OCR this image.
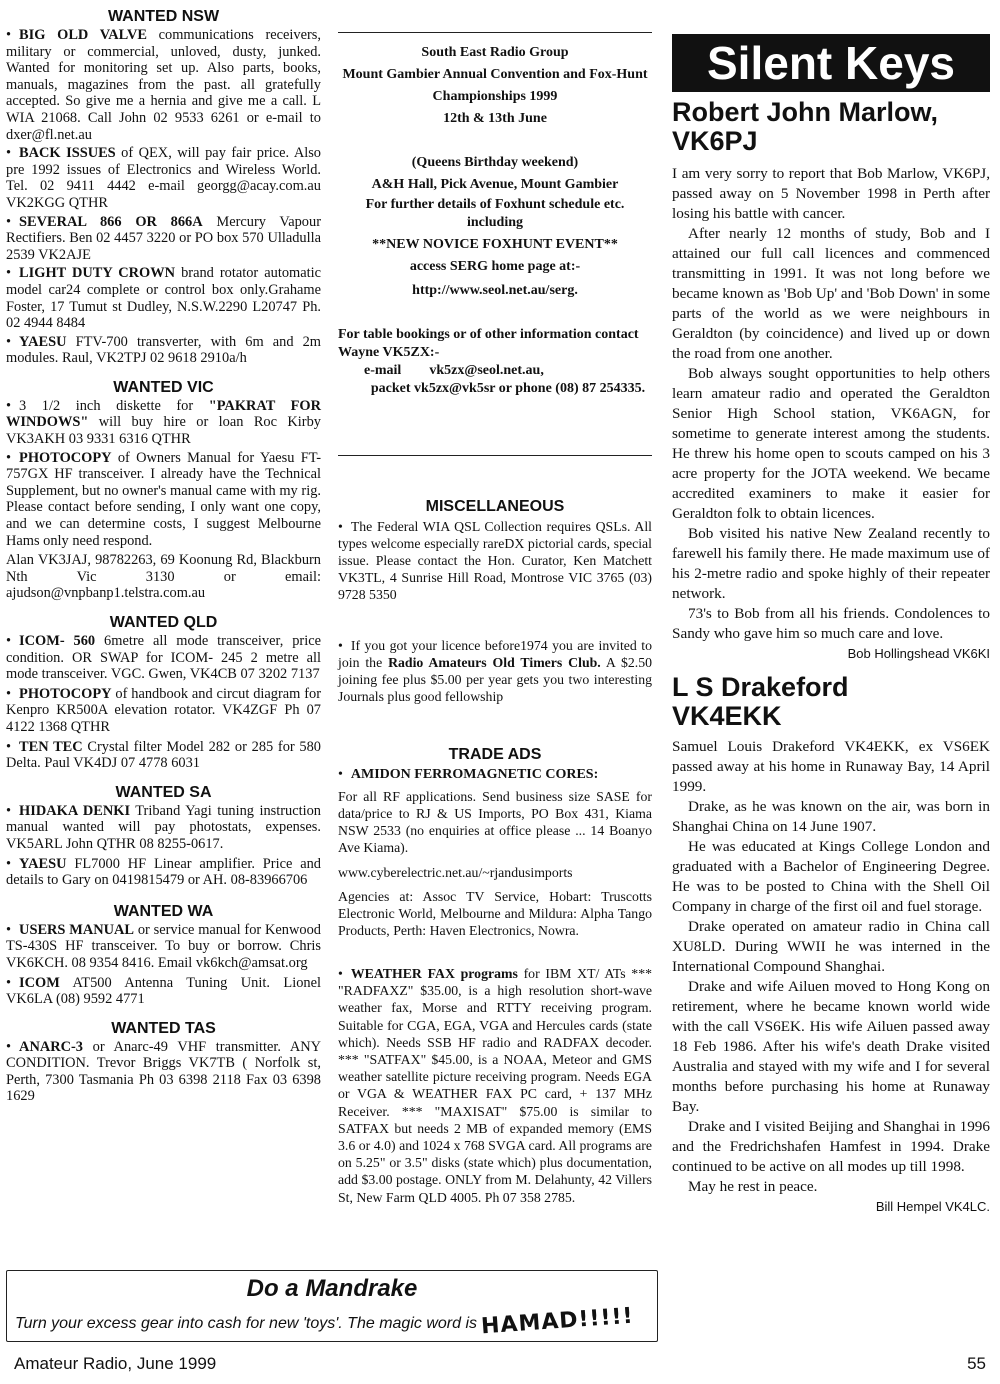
WANTED NSW
• BIG OLD VALVE communications receivers, military or commercial, unloved, dusty, junked. Wanted for monitoring set up. Also parts, books, manuals, magazines from the past. all gratefully accepted. So give me a hernia and give me a call. L WIA 21068. Call John 02 9533 6261 or e-mail to dxer@fl.net.au
• BACK ISSUES of QEX, will pay fair price. Also pre 1992 issues of Electronics and Wireless World. Tel. 02 9411 4442 e-mail georgg@acay.com.au VK2KGG QTHR
• SEVERAL 866 OR 866A Mercury Vapour Rectifiers. Ben 02 4457 3220 or PO box 570 Ulladulla 2539 VK2AJE
• LIGHT DUTY CROWN brand rotator automatic model car24 complete or control box only.Grahame Foster, 17 Tumut st Dudley, N.S.W.2290 L20747 Ph. 02 4944 8484
• YAESU FTV-700 transverter, with 6m and 2m modules. Raul, VK2TPJ 02 9618 2910a/h
WANTED VIC
• 3 1/2 inch diskette for "PAKRAT FOR WINDOWS" will buy hire or loan Roc Kirby VK3AKH 03 9331 6316 QTHR
• PHOTOCOPY of Owners Manual for Yaesu FT-757GX HF transceiver. I already have the Technical Supplement, but no owner's manual came with my rig. Please contact before sending, I only want one copy, and we can determine costs, I suggest Melbourne Hams only need respond.
Alan VK3JAJ, 98782263, 69 Koonung Rd, Blackburn Nth Vic 3130 or email: ajudson@vnpbanp1.telstra.com.au
WANTED QLD
• ICOM- 560 6metre all mode transceiver, price condition. OR SWAP for ICOM- 245 2 metre all mode transceiver. VGC. Gwen, VK4CB 07 3202 7137
• PHOTOCOPY of handbook and circut diagram for Kenpro KR500A elevation rotator. VK4ZGF Ph 07 4122 1368 QTHR
• TEN TEC Crystal filter Model 282 or 285 for 580 Delta. Paul VK4DJ 07 4778 6031
WANTED SA
• HIDAKA DENKI Triband Yagi tuning instruction manual wanted will pay photostats, expenses. VK5ARL John QTHR 08 8255-0617.
• YAESU FL7000 HF Linear amplifier. Price and details to Gary on 0419815479 or AH. 08-83966706
WANTED WA
• USERS MANUAL or service manual for Kenwood TS-430S HF transceiver. To buy or borrow. Chris VK6KCH. 08 9354 8416. Email vk6kch@amsat.org
• ICOM AT500 Antenna Tuning Unit. Lionel VK6LA (08) 9592 4771
WANTED TAS
• ANARC-3 or Anarc-49 VHF transmitter. ANY CONDITION. Trevor Briggs VK7TB ( Norfolk st, Perth, 7300 Tasmania Ph 03 6398 2118 Fax 03 6398 1629
South East Radio Group
Mount Gambier Annual Convention and Fox-Hunt
Championships 1999
12th & 13th June
(Queens Birthday weekend)
A&H Hall, Pick Avenue, Mount Gambier
For further details of Foxhunt schedule etc. including
**NEW NOVICE FOXHUNT EVENT**
access SERG home page at:-
http://www.seol.net.au/serg.
For table bookings or of other information contact Wayne VK5ZX:-
e-mail        vk5zx@seol.net.au,
packet vk5zx@vk5sr or phone (08) 87 254335.
MISCELLANEOUS
• The Federal WIA QSL Collection requires QSLs. All types welcome especially rareDX pictorial cards, special issue. Please contact the Hon. Curator, Ken Matchett VK3TL, 4 Sunrise Hill Road, Montrose VIC 3765 (03) 9728 5350
• If you got your licence before1974 you are invited to join the Radio Amateurs Old Timers Club. A $2.50 joining fee plus $5.00 per year gets you two interesting Journals plus good fellowship
TRADE ADS
• AMIDON FERROMAGNETIC CORES:
For all RF applications. Send business size SASE for data/price to RJ & US Imports, PO Box 431, Kiama NSW 2533 (no enquiries at office please ... 14 Boanyo Ave Kiama).
www.cyberelectric.net.au/~rjandusimports
Agencies at: Assoc TV Service, Hobart: Truscotts Electronic World, Melbourne and Mildura: Alpha Tango Products, Perth: Haven Electronics, Nowra.
• WEATHER FAX programs for IBM XT/ ATs *** "RADFAXZ" $35.00, is a high resolution short-wave weather fax, Morse and RTTY receiving program. Suitable for CGA, EGA, VGA and Hercules cards (state which). Needs SSB HF radio and RADFAX decoder. *** "SATFAX" $45.00, is a NOAA, Meteor and GMS weather satellite picture receiving program. Needs EGA or VGA & WEATHER FAX PC card, + 137 MHz Receiver. *** "MAXISAT" $75.00 is similar to SATFAX but needs 2 MB of expanded memory (EMS 3.6 or 4.0) and 1024 x 768 SVGA card. All programs are on 5.25" or 3.5" disks (state which) plus documentation, add $3.00 postage. ONLY from M. Delahunty, 42 Villers St, New Farm QLD 4005. Ph 07 358 2785.
Silent Keys
Robert John Marlow, VK6PJ

I am very sorry to report that Bob Marlow, VK6PJ, passed away on 5 November 1998 in Perth after losing his battle with cancer.

After nearly 12 months of study, Bob and I attained our full call licences and commenced transmitting in 1991. It was not long before we became known as 'Bob Up' and 'Bob Down' in some parts of the world as we were neighbours in Geraldton (by coincidence) and lived up or down the road from one another.

Bob always sought opportunities to help others learn amateur radio and operated the Geraldton Senior High School station, VK6AGN, for sometime to generate interest among the students. He threw his home open to scouts camped on his 3 acre property for the JOTA weekend. We became accredited examiners to make it easier for Geraldton folk to obtain licences.

Bob visited his native New Zealand recently to farewell his family there. He made maximum use of his 2-metre radio and spoke highly of their repeater network.

73's to Bob from all his friends. Condolences to Sandy who gave him so much care and love.

Bob Hollingshead VK6KI

L S Drakeford VK4EKK

Samuel Louis Drakeford VK4EKK, ex VS6EK passed away at his home in Runaway Bay, 14 April 1999.

Drake, as he was known on the air, was born in Shanghai China on 14 June 1907.

He was educated at Kings College London and graduated with a Bachelor of Engineering Degree. He was to be posted to China with the Shell Oil Company in charge of the first oil and fuel storage.

Drake operated on amateur radio in China call XU8LD. During WWII he was interned in the International Compound Shanghai.

Drake and wife Ailuen moved to Hong Kong on retirement, where he became known world wide with the call VS6EK. His wife Ailuen passed away 18 Feb 1986. After his wife's death Drake visited Australia and stayed with my wife and I for several months before purchasing his home at Runaway Bay.

Drake and I visited Beijing and Shanghai in 1996 and the Fredrichshafen Hamfest in 1994. Drake continued to be active on all modes up till 1998.

May he rest in peace.

Bill Hempel VK4LC.

Do a Mandrake
Turn your excess gear into cash for new 'toys'. The magic word is HAMAD!!!!!
Amateur Radio, June 1999	55
